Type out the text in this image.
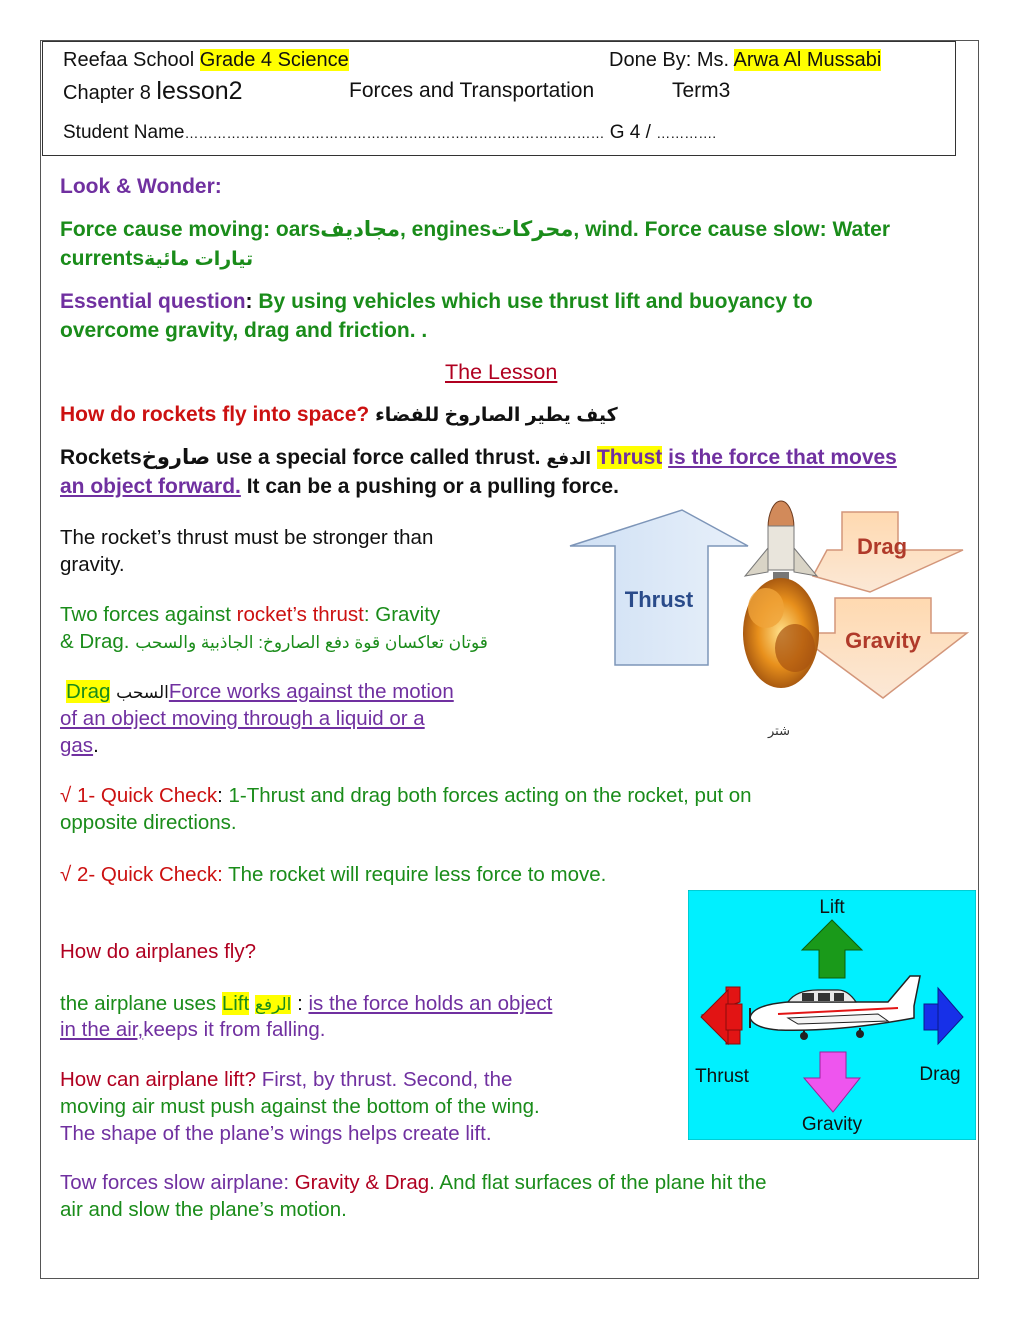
Reefaa School Grade 4 Science	Done By: Ms. Arwa Al Mussabi
Chapter 8 lesson2	Forces and Transportation	Term3
Student Name……………………………………………………………………………… G 4 / ………….
Look & Wonder:
Force cause moving: oarsمجاديف, enginesمحركات, wind. Force cause slow: Water
currentsتيارات مائية
Essential question: By using vehicles which use thrust lift and buoyancy to
overcome gravity, drag and friction. .
The Lesson
How do rockets fly into space? كيف يطير الصاروخ للفضاء
Rocketsصاروخ use a special force called thrust. الدفع Thrust is the force that moves
an object forward. It can be a pushing or a pulling force.
The rocket’s thrust must be stronger than
gravity.
Two forces against rocket’s thrust: Gravity
& Drag. قوتان تعاكسان قوة دفع الصاروخ: الجاذبية والسحب
Drag السحبForce works against the motion
of an object moving through a liquid or a
gas.
Thrust
Drag
Gravity
شتر
√ 1- Quick Check: 1-Thrust and drag both forces acting on the rocket, put on
opposite directions.
√ 2- Quick Check: The rocket will require less force to move.
How do airplanes fly?
the airplane uses Lift الرفع : is the force holds an object
in the air,keeps it from falling.
How can airplane lift? First, by thrust. Second, the
moving air must push against the bottom of the wing.
The shape of the plane’s wings helps create lift.
Tow forces slow airplane: Gravity & Drag. And flat surfaces of the plane hit the
air and slow the plane’s motion.
Lift
Thrust	Drag
Gravity
